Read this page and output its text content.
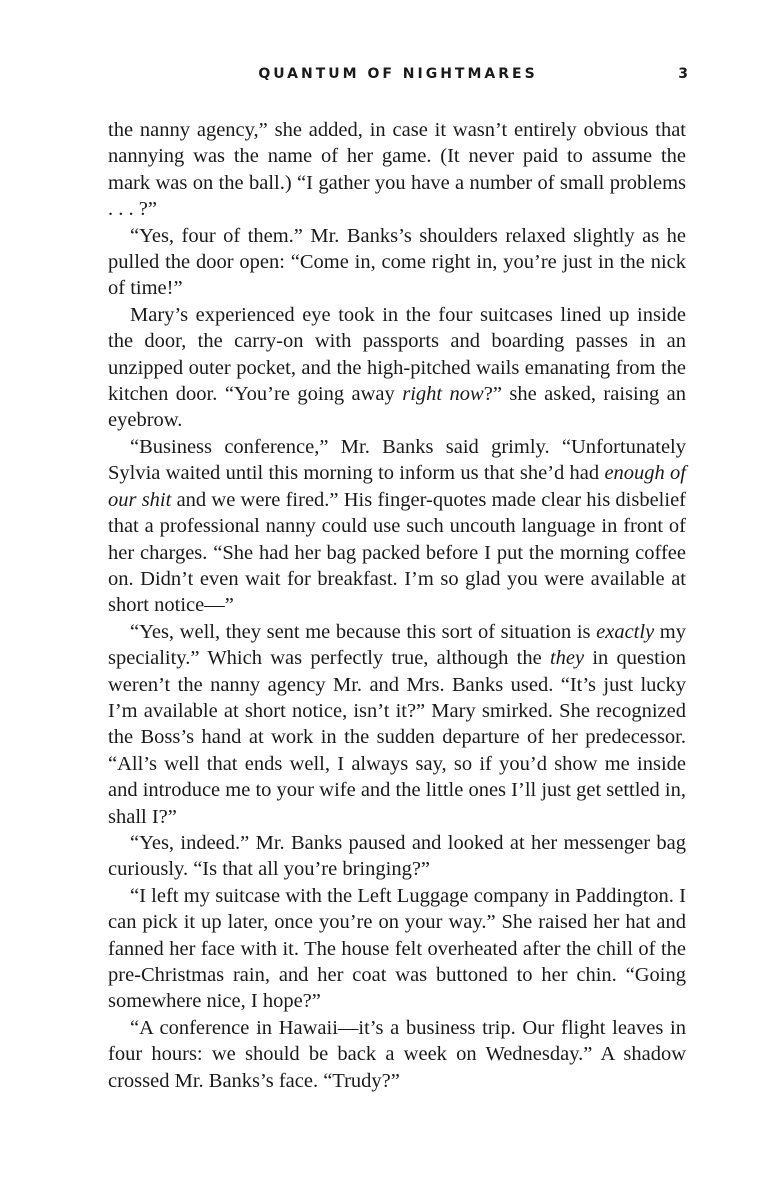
QUANTUM OF NIGHTMARES	3

the nanny agency,” she added, in case it wasn’t entirely obvious that nannying was the name of her game. (It never paid to assume the mark was on the ball.) “I gather you have a number of small problems . . . ?”

“Yes, four of them.” Mr. Banks’s shoulders relaxed slightly as he pulled the door open: “Come in, come right in, you’re just in the nick of time!”

Mary’s experienced eye took in the four suitcases lined up inside the door, the carry-on with passports and boarding passes in an unzipped outer pocket, and the high-pitched wails emanating from the kitchen door. “You’re going away right now?” she asked, raising an eyebrow.

“Business conference,” Mr. Banks said grimly. “Unfortunately Sylvia waited until this morning to inform us that she’d had enough of our shit and we were fired.” His finger-quotes made clear his disbelief that a professional nanny could use such uncouth language in front of her charges. “She had her bag packed before I put the morning coffee on. Didn’t even wait for breakfast. I’m so glad you were available at short notice—”

“Yes, well, they sent me because this sort of situation is exactly my speciality.” Which was perfectly true, although the they in question weren’t the nanny agency Mr. and Mrs. Banks used. “It’s just lucky I’m available at short notice, isn’t it?” Mary smirked. She recognized the Boss’s hand at work in the sudden departure of her predecessor. “All’s well that ends well, I always say, so if you’d show me inside and introduce me to your wife and the little ones I’ll just get settled in, shall I?”

“Yes, indeed.” Mr. Banks paused and looked at her messenger bag curiously. “Is that all you’re bringing?”

“I left my suitcase with the Left Luggage company in Paddington. I can pick it up later, once you’re on your way.” She raised her hat and fanned her face with it. The house felt overheated after the chill of the pre-Christmas rain, and her coat was buttoned to her chin. “Going somewhere nice, I hope?”

“A conference in Hawaii—it’s a business trip. Our flight leaves in four hours: we should be back a week on Wednesday.” A shadow crossed Mr. Banks’s face. “Trudy?”
